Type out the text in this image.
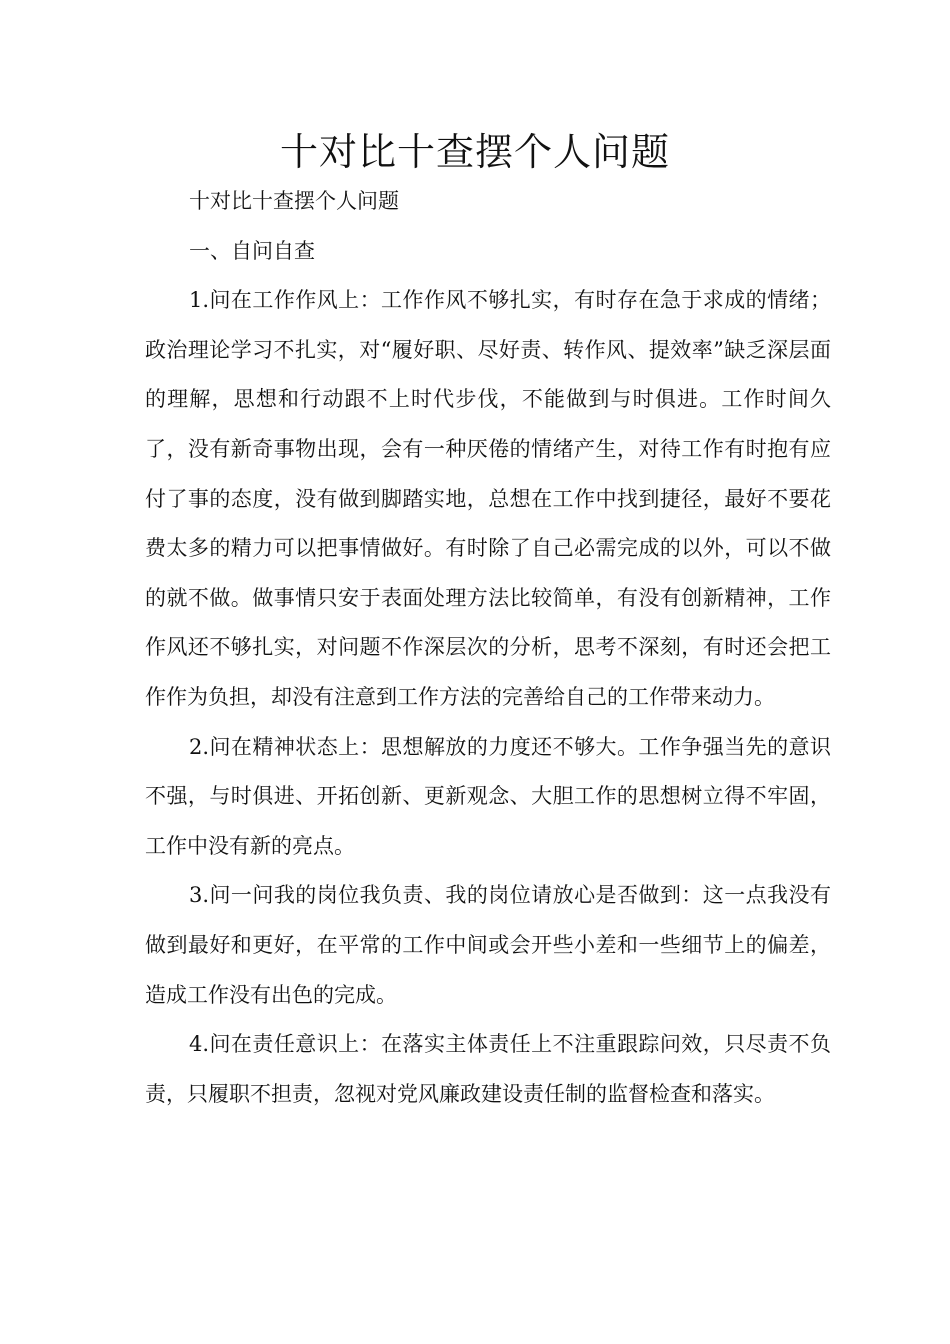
十对比十查摆个人问题

十对比十查摆个人问题

一、自问自查

1.问在工作作风上：工作作风不够扎实，有时存在急于求成的情绪；政治理论学习不扎实，对“履好职、尽好责、转作风、提效率”缺乏深层面的理解，思想和行动跟不上时代步伐，不能做到与时俱进。工作时间久了，没有新奇事物出现，会有一种厌倦的情绪产生，对待工作有时抱有应付了事的态度，没有做到脚踏实地，总想在工作中找到捷径，最好不要花费太多的精力可以把事情做好。有时除了自己必需完成的以外，可以不做的就不做。做事情只安于表面处理方法比较简单，有没有创新精神，工作作风还不够扎实，对问题不作深层次的分析，思考不深刻，有时还会把工作作为负担，却没有注意到工作方法的完善给自己的工作带来动力。

2.问在精神状态上：思想解放的力度还不够大。工作争强当先的意识不强，与时俱进、开拓创新、更新观念、大胆工作的思想树立得不牢固，工作中没有新的亮点。

3.问一问我的岗位我负责、我的岗位请放心是否做到：这一点我没有做到最好和更好，在平常的工作中间或会开些小差和一些细节上的偏差，造成工作没有出色的完成。

4.问在责任意识上：在落实主体责任上不注重跟踪问效，只尽责不负责，只履职不担责，忽视对党风廉政建设责任制的监督检查和落实。
